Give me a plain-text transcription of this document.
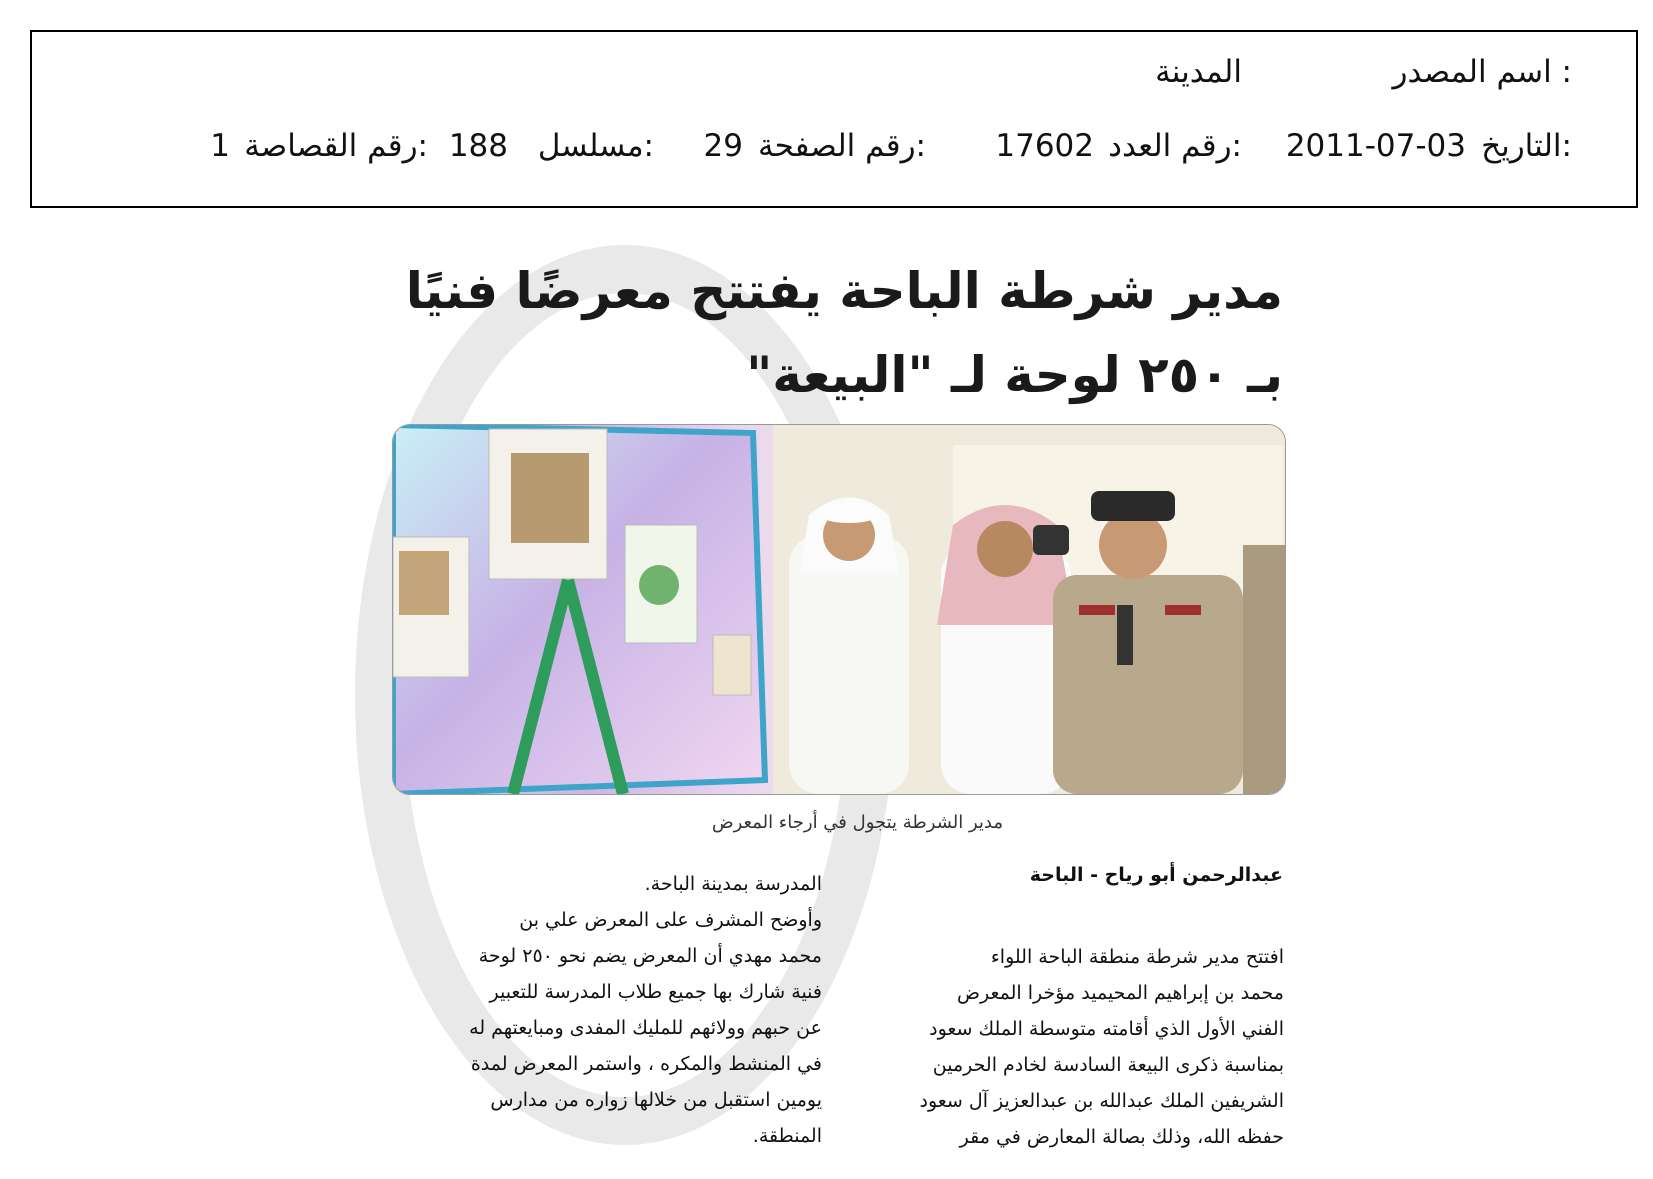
اسم المصدر :
المدينة
2011-07-03 التاريخ:
17602 رقم العدد:
29 رقم الصفحة:
188 مسلسل:
1 رقم القصاصة:
مدير شرطة الباحة يفتتح معرضًا فنيًا
بـ ٢٥٠ لوحة لـ "البيعة"
مدير الشرطة يتجول في أرجاء المعرض
عبدالرحمن أبو رياح - الباحة

افتتح مدير شرطة منطقة الباحة اللواء

محمد بن إبراهيم المحيميد مؤخرا المعرض

الفني الأول الذي أقامته متوسطة الملك سعود

بمناسبة ذكرى البيعة السادسة لخادم الحرمين

الشريفين الملك عبدالله بن عبدالعزيز آل سعود

حفظه الله، وذلك بصالة المعارض في مقر

المدرسة بمدينة الباحة.

وأوضح المشرف على المعرض علي بن

محمد مهدي أن المعرض يضم نحو ٢٥٠ لوحة

فنية شارك بها جميع طلاب المدرسة للتعبير

عن حبهم وولائهم للمليك المفدى ومبايعتهم له

في المنشط والمكره ، واستمر المعرض لمدة

يومين استقبل من خلالها زواره من مدارس

المنطقة.
